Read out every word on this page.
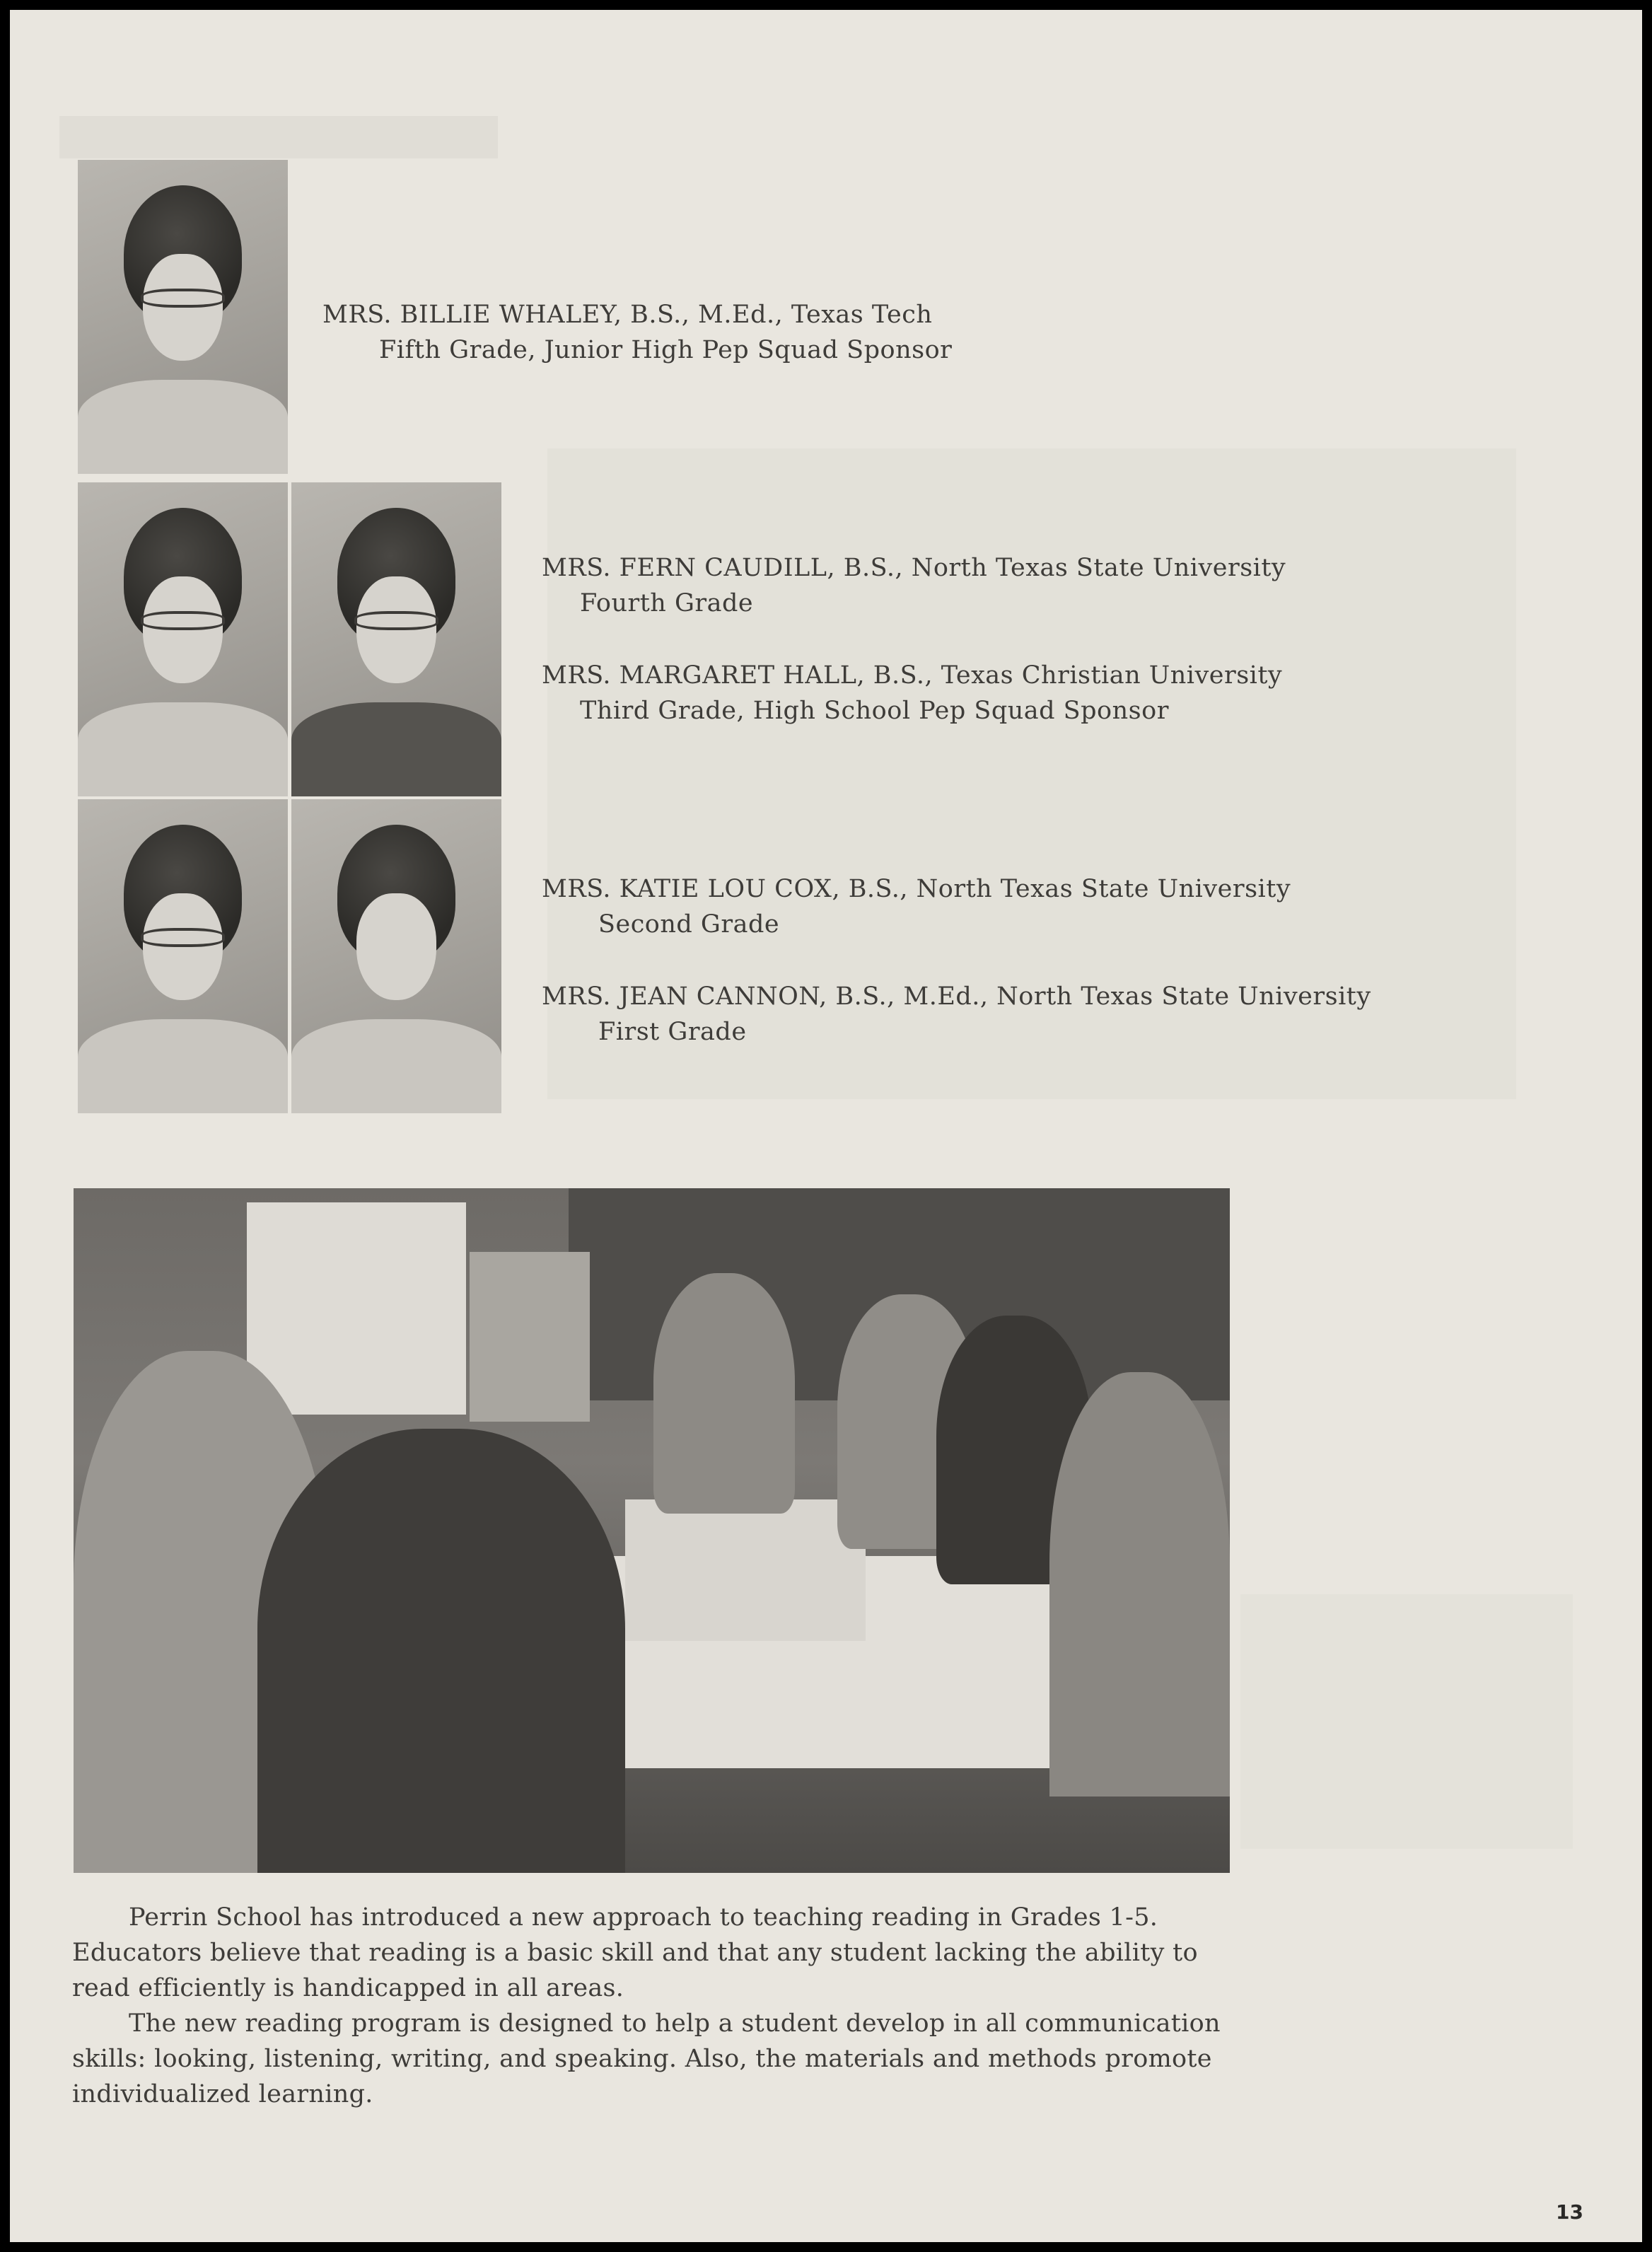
MRS. BILLIE WHALEY, B.S., M.Ed., Texas Tech
Fifth Grade, Junior High Pep Squad Sponsor
MRS. FERN CAUDILL, B.S., North Texas State University
Fourth Grade
MRS. MARGARET HALL, B.S., Texas Christian University
Third Grade, High School Pep Squad Sponsor
MRS. KATIE LOU COX, B.S., North Texas State University
Second Grade
MRS. JEAN CANNON, B.S., M.Ed., North Texas State University
First Grade

Perrin School has introduced a new approach to teaching reading in Grades 1-5. Educators believe that reading is a basic skill and that any student lacking the ability to read efficiently is handicapped in all areas.

The new reading program is designed to help a student develop in all communication skills: looking, listening, writing, and speaking. Also, the materials and methods promote individualized learning.

13
